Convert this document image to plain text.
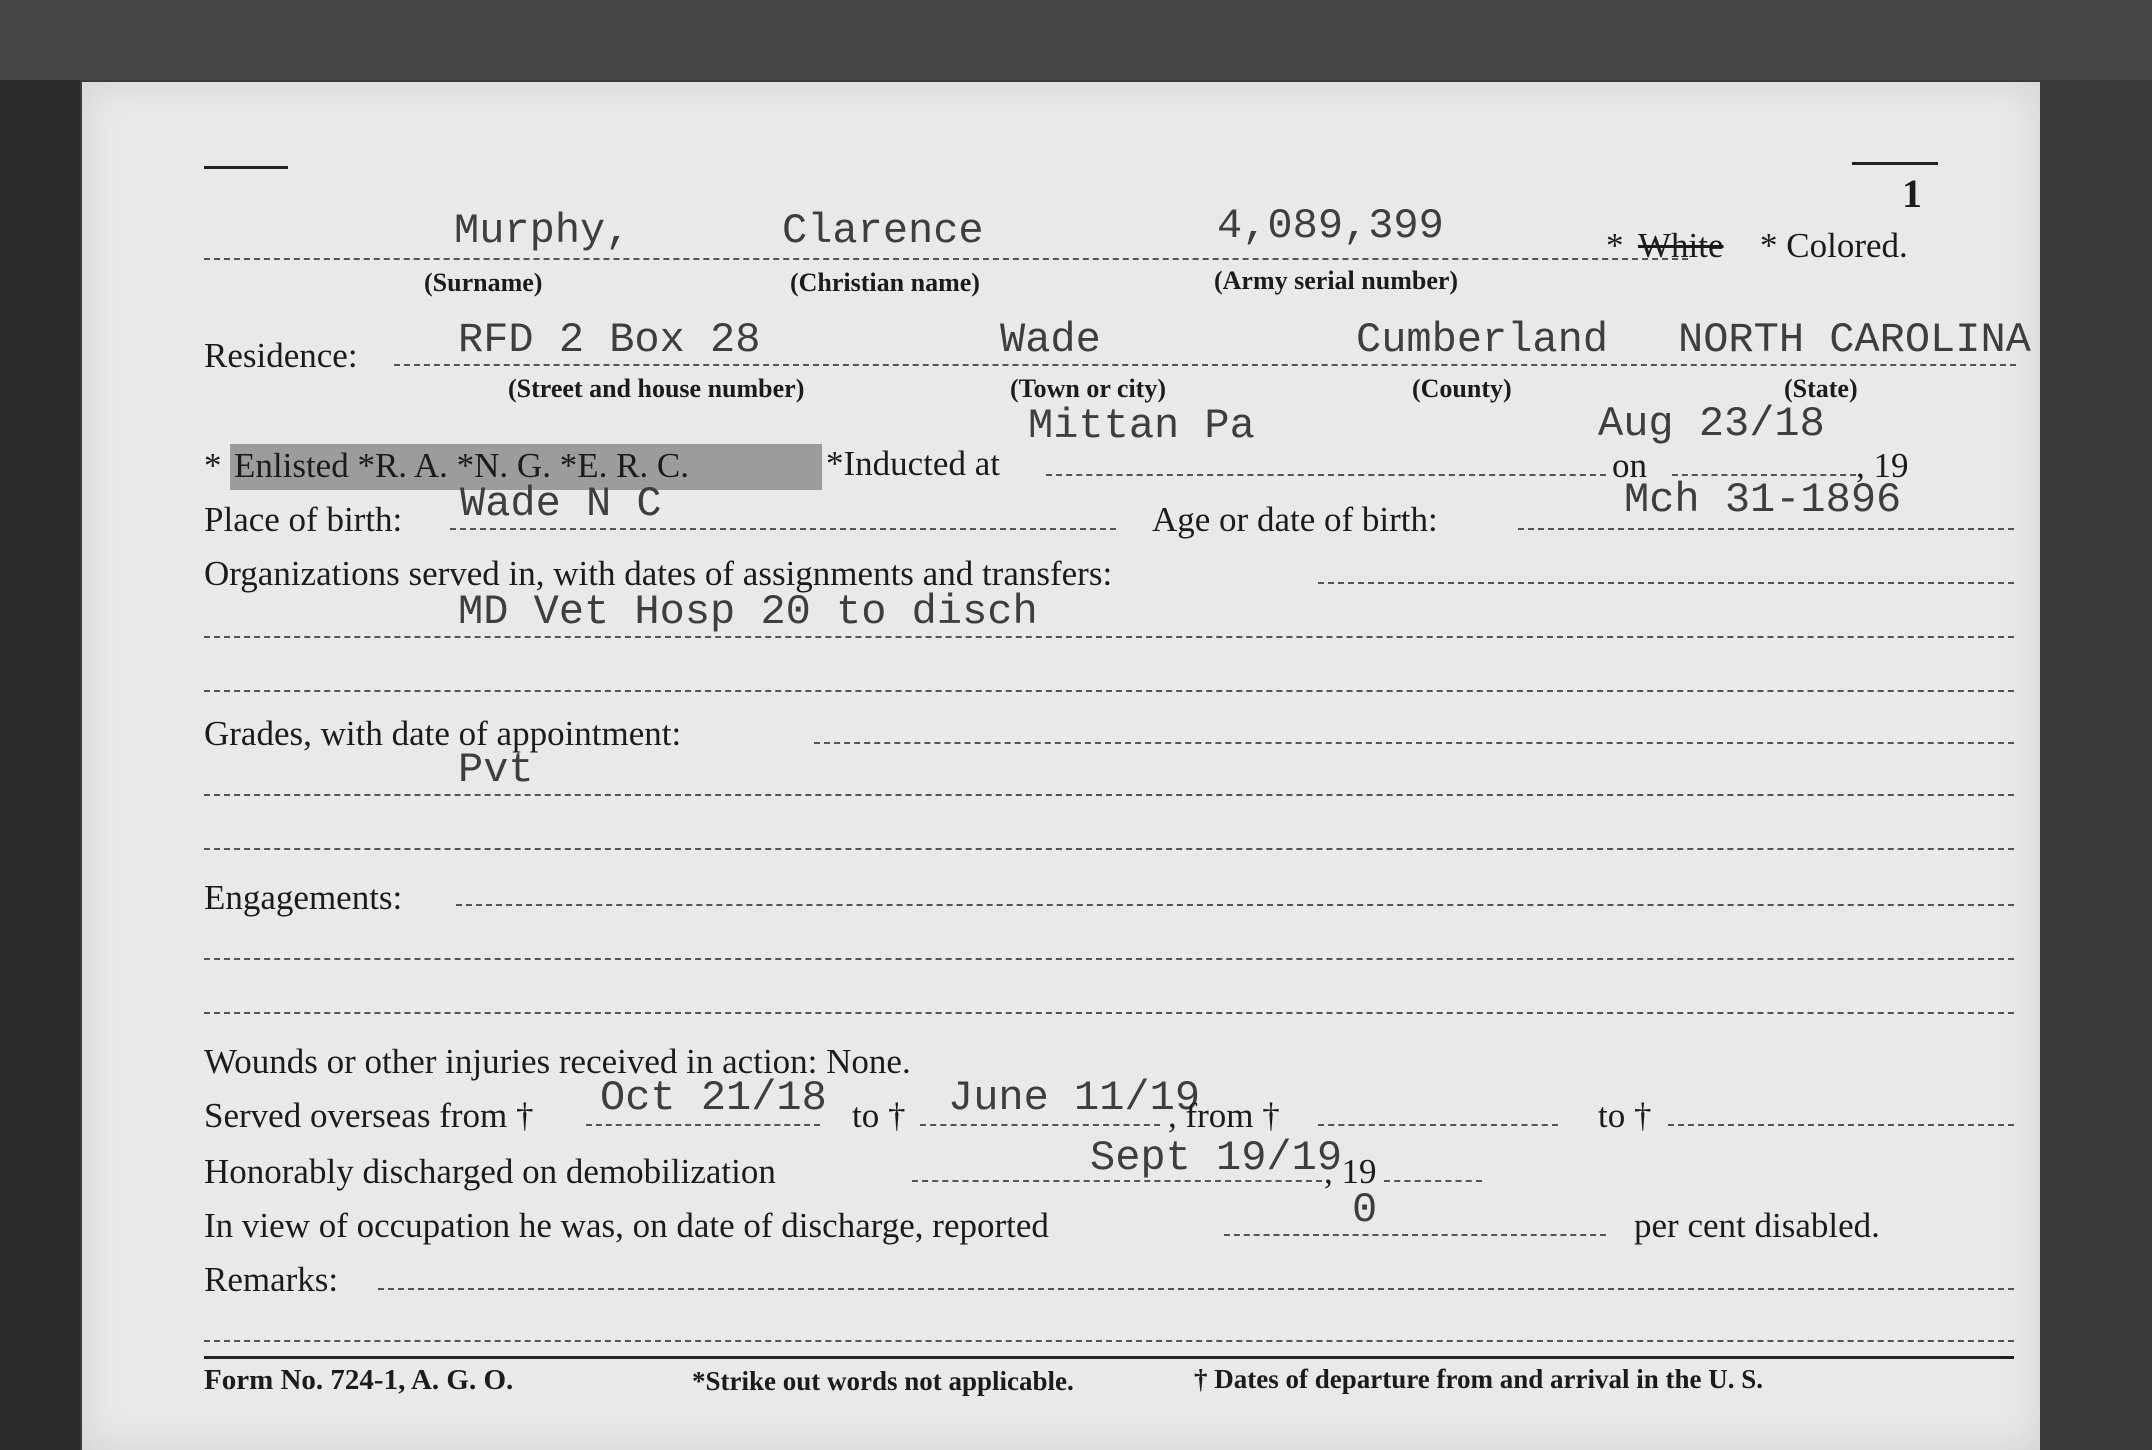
1
Murphy,	Clarence	4,089,399	* White * Colored.
(Surname)	(Christian name)	(Army serial number)
Residence: RFD 2 Box 28	Wade	Cumberland NORTH CAROLINA
(Street and house number)	(Town or city)	(County)	(State)
Mittan Pa	Aug 23/18
* Enlisted *R. A. *N. G. *E. R. C.	*Inducted at	on	, 19
Place of birth: Wade N C	Age or date of birth:	Mch 31-1896
Organizations served in, with dates of assignments and transfers:
MD Vet Hosp 20 to disch
Grades, with date of appointment:
Pvt
Engagements:
Wounds or other injuries received in action: None.
Served overseas from † Oct 21/18 to † June 11/19
, from †	to †
Honorably discharged on demobilization	Sept 19/19
, 19
In view of occupation he was, on date of discharge, reported	0	per cent disabled.
Remarks:
Form No. 724-1, A. G. O.	*Strike out words not applicable.	† Dates of departure from and arrival in the U. S.
